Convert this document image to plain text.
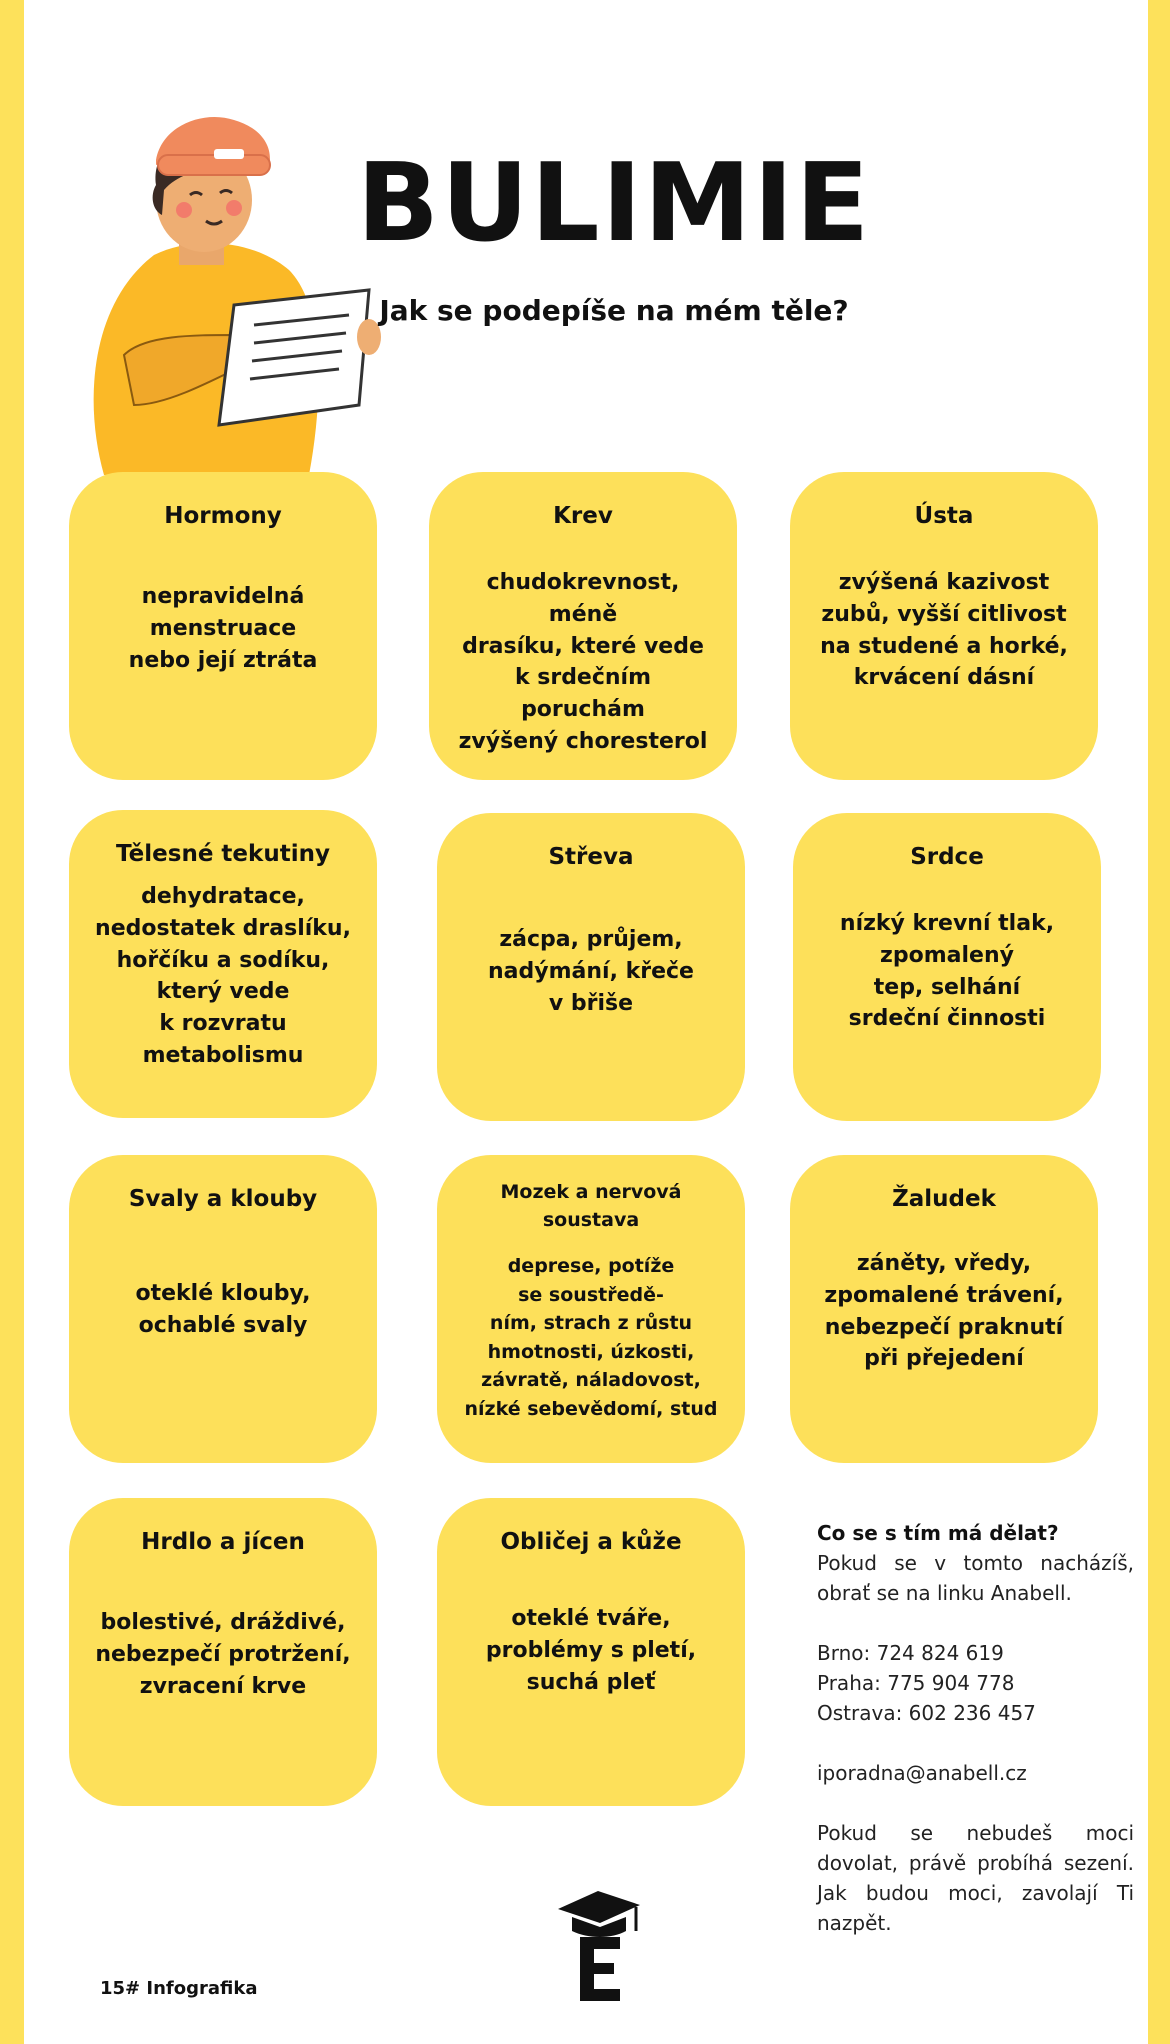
BULIMIE
Jak se podepíše na mém těle?
Hormony
nepravidelná
menstruace
nebo její ztráta
Krev
chudokrevnost, méně
drasíku, které vede
k srdečním poruchám
zvýšený choresterol
Ústa
zvýšená kazivost
zubů, vyšší citlivost
na studené a horké,
krvácení dásní
Tělesné tekutiny
dehydratace,
nedostatek draslíku,
hořčíku a sodíku,
který vede
k rozvratu
metabolismu
Střeva
zácpa, průjem,
nadýmání, křeče
v břiše
Srdce
nízký krevní tlak,
zpomalený
tep, selhání
srdeční činnosti
Svaly a klouby
oteklé klouby,
ochablé svaly
Mozek a nervová
soustava
deprese, potíže
se soustředě-
ním, strach z růstu
hmotnosti, úzkosti,
závratě, náladovost,
nízké sebevědomí, stud
Žaludek
záněty, vředy,
zpomalené trávení,
nebezpečí praknutí
při přejedení
Hrdlo a jícen
bolestivé, dráždivé,
nebezpečí protržení,
zvracení krve
Obličej a kůže
oteklé tváře,
problémy s pletí,
suchá pleť
Co se s tím má dělat?
Pokud se v tomto nacházíš, obrať se na linku Anabell.
Brno: 724 824 619
Praha: 775 904 778
Ostrava: 602 236 457
iporadna@anabell.cz
Pokud se nebudeš moci dovolat, právě probíhá sezení. Jak budou moci, zavolají Ti nazpět.
15# Infografika
